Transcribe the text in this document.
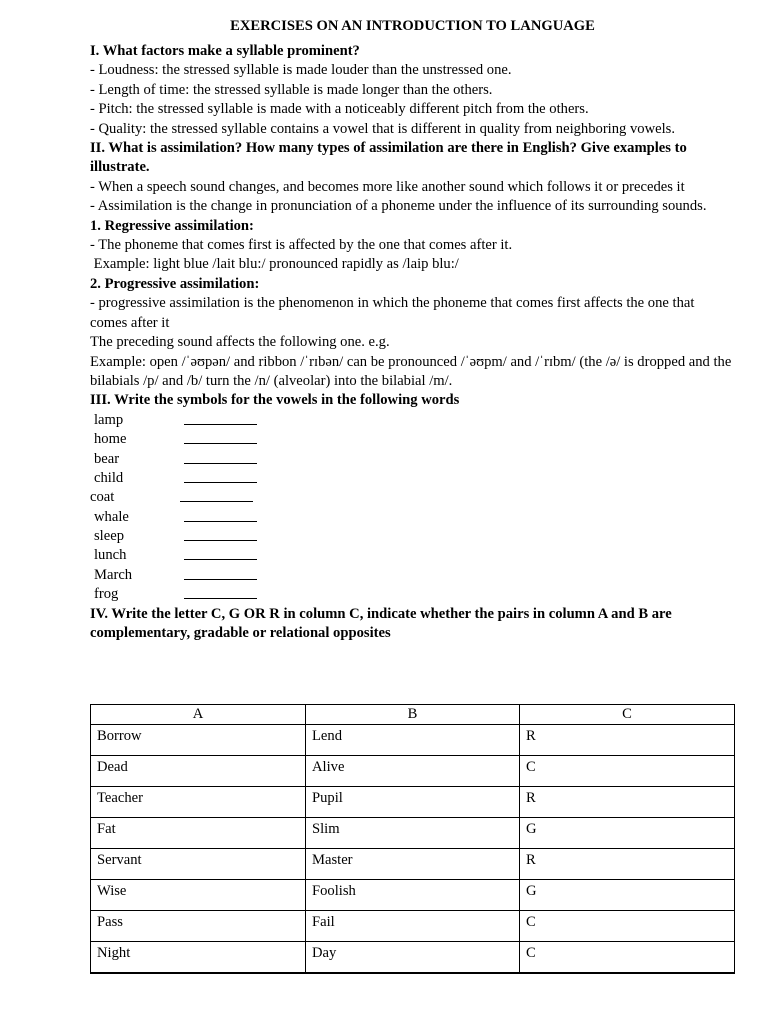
EXERCISES ON AN INTRODUCTION TO LANGUAGE
I. What factors make a syllable prominent?
- Loudness: the stressed syllable is made louder than the unstressed one.
- Length of time: the stressed syllable is made longer than the others.
- Pitch: the stressed syllable is made with a noticeably different pitch from the others.
- Quality: the stressed syllable contains a vowel that is different in quality from neighboring vowels.
II. What is assimilation? How many types of assimilation are there in English? Give examples to illustrate.
- When a speech sound changes, and becomes more like another sound which follows it or precedes it
- Assimilation is the change in pronunciation of a phoneme under the influence of its surrounding sounds.
1. Regressive assimilation:
- The phoneme that comes first is affected by the one that comes after it.
Example: light blue /lait blu:/ pronounced rapidly as /laip blu:/
2. Progressive assimilation:
- progressive assimilation is the phenomenon in which the phoneme that comes first affects the one that comes after it
The preceding sound affects the following one. e.g.
Example: open /ˈəʊpən/ and ribbon /ˈrɪbən/ can be pronounced /ˈəʊpm/ and /ˈrɪbm/ (the /ə/ is dropped and the bilabials /p/ and /b/ turn the /n/ (alveolar) into the bilabial /m/.
III. Write the symbols for the vowels in the following words
lamp
home
bear
child
coat
whale
sleep
lunch
March
frog
IV. Write the letter C, G OR R in column C, indicate whether the pairs in column A and B are complementary, gradable or relational opposites
A	B	C
Borrow	Lend	R
Dead	Alive	C
Teacher	Pupil	R
Fat	Slim	G
Servant	Master	R
Wise	Foolish	G
Pass	Fail	C
Night	Day	C
